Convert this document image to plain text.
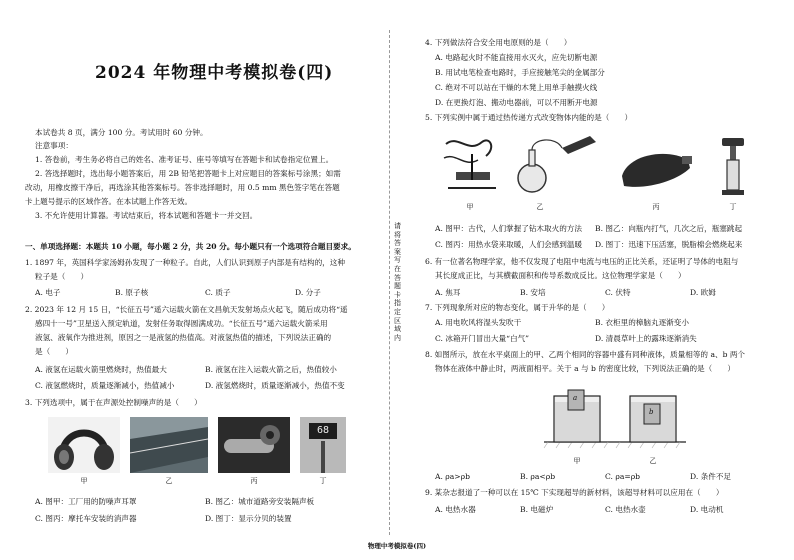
2024 年物理中考模拟卷(四)
本试卷共 8 页，满分 100 分。考试用时 60 分钟。
注意事项：
1. 答卷前，考生务必将自己的姓名、准考证号、座号等填写在答题卡和试卷指定位置上。
2. 答选择题时，选出每小题答案后，用 2B 铅笔把答题卡上对应题目的答案标号涂黑；如需
改动，用橡皮擦干净后，再选涂其他答案标号。答非选择题时，用 0.5 mm 黑色签字笔在答题
卡上题号提示的区域作答。在本试题上作答无效。
3. 不允许使用计算器。考试结束后，将本试题和答题卡一并交回。
一、单项选择题：本题共 10 小题，每小题 2 分，共 20 分。每小题只有一个选项符合题目要求。
1. 1897 年，英国科学家汤姆孙发现了一种粒子。自此，人们认识到原子内部是有结构的，这种
粒子是（　　）
A. 电子	B. 原子核	C. 质子	D. 分子
2. 2023 年 12 月 15 日，“长征五号”遥六运载火箭在文昌航天发射场点火起飞，随后成功将“遥
感四十一号”卫星送入预定轨道，发射任务取得圆满成功。“长征五号”遥六运载火箭采用
液氢、液氧作为推进剂，原因之一是液氢的热值高。对液氢热值的描述，下列说法正确的
是（　　）
A. 液氢在运载火箭里燃烧时，热值最大	B. 液氢在注入运载火箭之后，热值较小
C. 液氢燃烧时，质量逐渐减小，热值减小	D. 液氢燃烧时，质量逐渐减小，热值不变
3. 下列选项中，属于在声源处控制噪声的是（　　）
68
甲	乙	丙	丁
A. 图甲：工厂用的防噪声耳罩	B. 图乙：城市道路旁安装隔声板
C. 图丙：摩托车安装的消声器	D. 图丁：显示分贝的装置
请将答案写在答题卡指定区域内
4. 下列做法符合安全用电原则的是（　　）
A. 电路起火时不能直接用水灭火，应先切断电源
B. 用试电笔检查电路时，手应接触笔尖的金属部分
C. 绝对不可以站在干燥的木凳上用单手触摸火线
D. 在更换灯泡、搬动电器前，可以不用断开电源
5. 下列实例中属于通过热传递方式改变物体内能的是（　　）
甲	乙	丙	丁
A. 图甲：古代，人们掌握了钻木取火的方法 B. 图乙：向瓶内打气，几次之后，瓶塞跳起
C. 图丙：用热水袋来取暖，人们会感到温暖 D. 图丁：迅速下压活塞，脱脂棉会燃烧起来
6. 有一位著名物理学家，他不仅发现了电阻中电流与电压的正比关系，还证明了导体的电阻与
其长度成正比，与其横截面积和传导系数成反比。这位物理学家是（　　）
A. 焦耳	B. 安培	C. 伏特	D. 欧姆
7. 下列现象所对应的物态变化，属于升华的是（　　）
A. 用电吹风将湿头发吹干	B. 衣柜里的樟脑丸逐渐变小
C. 冰箱开门冒出大量“白气”	D. 清晨草叶上的露珠逐渐消失
8. 如图所示，放在水平桌面上的甲、乙两个相同的容器中盛有同种液体，质量相等的 a、b 两个
物体在液体中静止时，两液面相平。关于 a 与 b 的密度比较，下列说法正确的是（　　）
a
b
甲	乙
A. ρa>ρb	B. ρa<ρb	C. ρa=ρb	D. 条件不足
9. 某杂志报道了一种可以在 15℃ 下实现超导的新材料，该超导材料可以应用在（　　）
A. 电热水器	B. 电磁炉	C. 电热水壶	D. 电动机
物理中考模拟卷(四)
